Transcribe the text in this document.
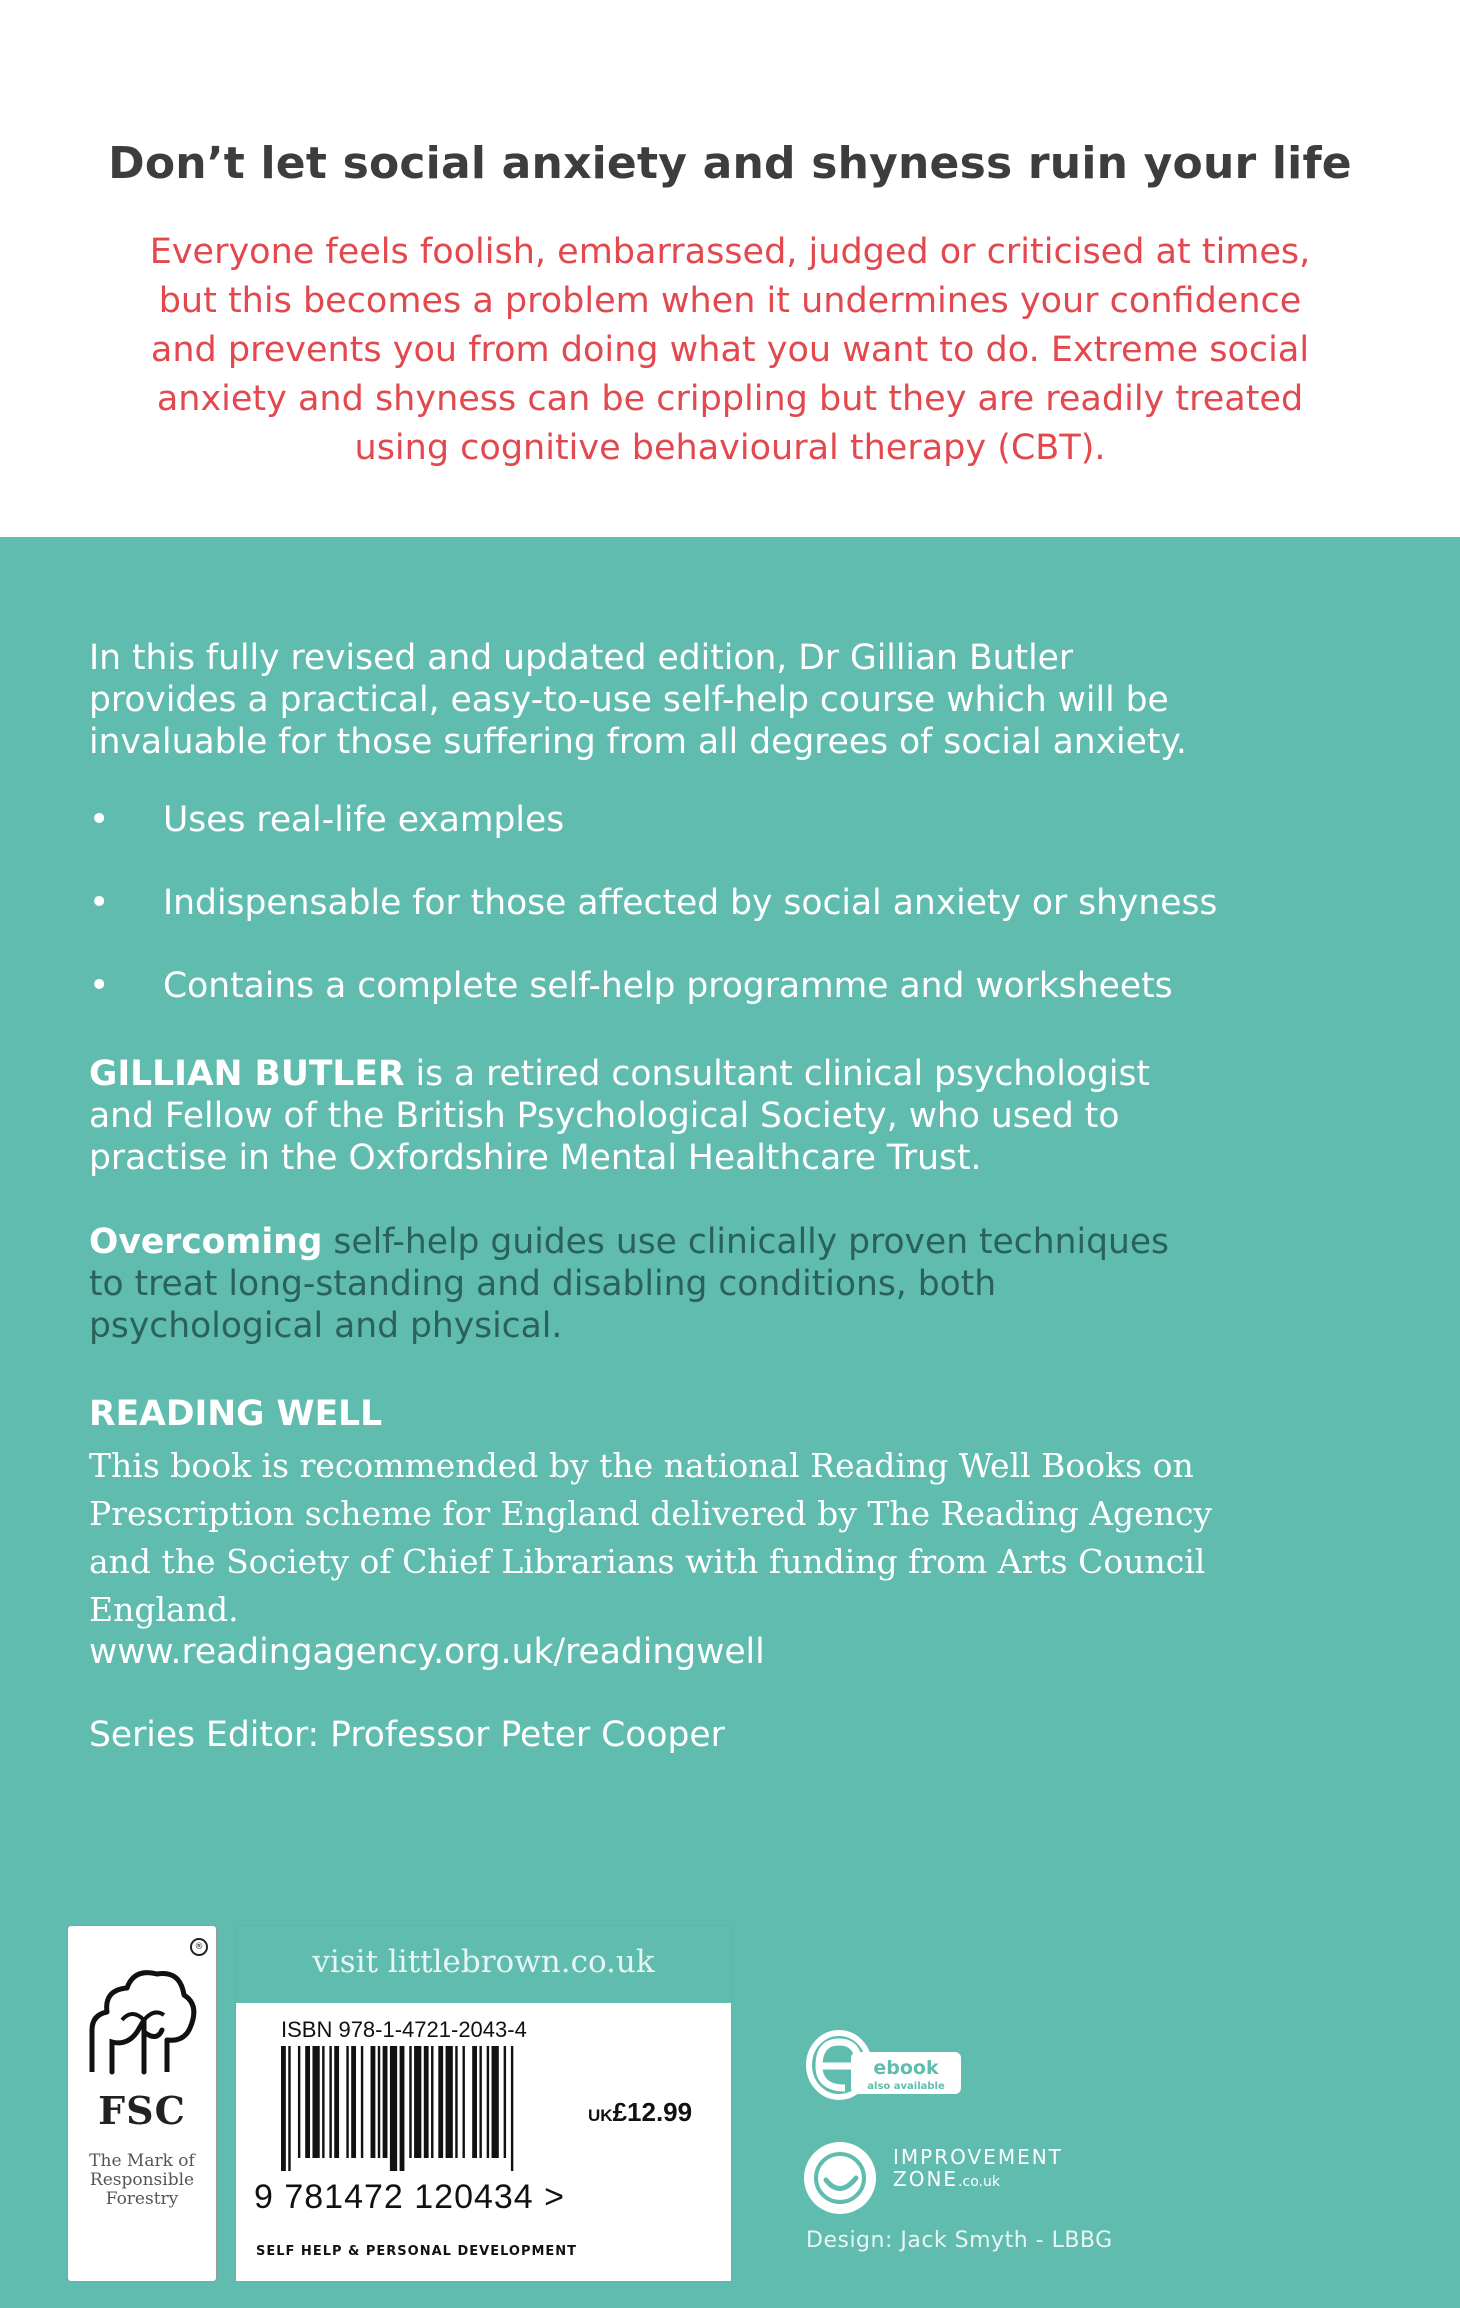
Don’t let social anxiety and shyness ruin your life

Everyone feels foolish, embarrassed, judged or criticised at times,
but this becomes a problem when it undermines your confidence
and prevents you from doing what you want to do. Extreme social
anxiety and shyness can be crippling but they are readily treated
using cognitive behavioural therapy (CBT).

In this fully revised and updated edition, Dr Gillian Butler
provides a practical, easy-to-use self-help course which will be
invaluable for those suffering from all degrees of social anxiety.

• Uses real-life examples
• Indispensable for those affected by social anxiety or shyness
• Contains a complete self-help programme and worksheets

GILLIAN BUTLER is a retired consultant clinical psychologist
and Fellow of the British Psychological Society, who used to
practise in the Oxfordshire Mental Healthcare Trust.

Overcoming self-help guides use clinically proven techniques
to treat long-standing and disabling conditions, both
psychological and physical.

READING WELL

This book is recommended by the national Reading Well Books on
Prescription scheme for England delivered by The Reading Agency
and the Society of Chief Librarians with funding from Arts Council
England.

www.readingagency.org.uk/readingwell

Series Editor: Professor Peter Cooper

®
FSC
The Mark of
Responsible
Forestry
visit littlebrown.co.uk
ISBN 978-1-4721-2043-4
UK£12.99
9 781472 120434 >
SELF HELP & PERSONAL DEVELOPMENT
ebook
also available
IMPROVEMENT
ZONE.co.uk
Design: Jack Smyth - LBBG
